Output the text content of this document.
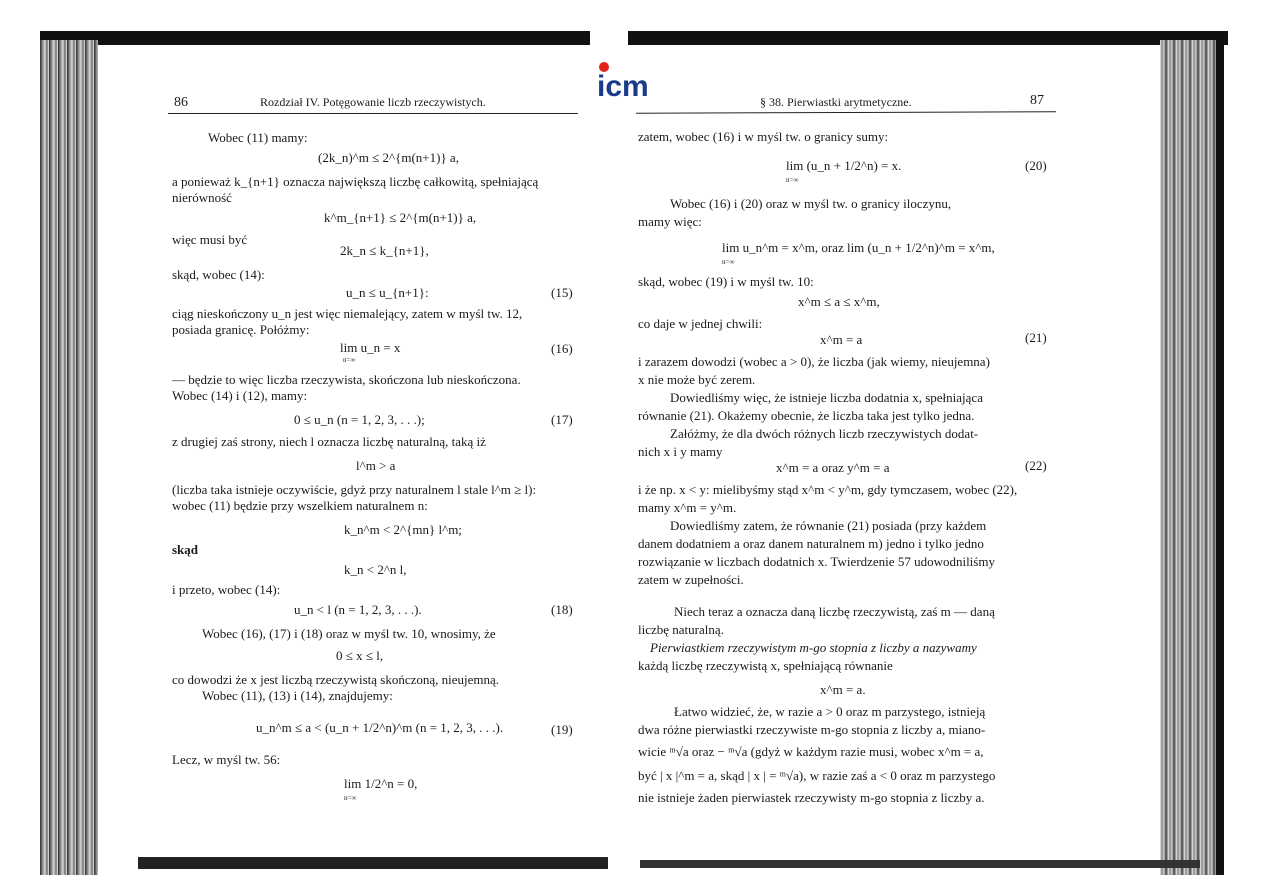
icm
86	Rozdział IV. Potęgowanie liczb rzeczywistych.
Wobec (11) mamy:
(2k_n)^m ≤ 2^{m(n+1)} a,
a ponieważ k_{n+1} oznacza największą liczbę całkowitą, spełniającą
nierówność
k^m_{n+1} ≤ 2^{m(n+1)} a,
więc musi być
2k_n ≤ k_{n+1},
skąd, wobec (14):
u_n ≤ u_{n+1}:	(15)
ciąg nieskończony u_n jest więc niemalejący, zatem w myśl tw. 12,
posiada granicę. Połóżmy:
lim u_n = x
n=∞
(16)
— będzie to więc liczba rzeczywista, skończona lub nieskończona.
Wobec (14) i (12), mamy:
0 ≤ u_n (n = 1, 2, 3, . . .);	(17)
z drugiej zaś strony, niech l oznacza liczbę naturalną, taką iż
l^m > a
(liczba taka istnieje oczywiście, gdyż przy naturalnem l stale l^m ≥ l):
wobec (11) będzie przy wszelkiem naturalnem n:
k_n^m < 2^{mn} l^m;
skąd
k_n < 2^n l,
i przeto, wobec (14):
u_n < l (n = 1, 2, 3, . . .).	(18)
Wobec (16), (17) i (18) oraz w myśl tw. 10, wnosimy, że
0 ≤ x ≤ l,
co dowodzi że x jest liczbą rzeczywistą skończoną, nieujemną.
Wobec (11), (13) i (14), znajdujemy:
u_n^m ≤ a < (u_n + 1/2^n)^m (n = 1, 2, 3, . . .).	(19)
Lecz, w myśl tw. 56:
lim 1/2^n = 0,
n=∞
§ 38. Pierwiastki arytmetyczne.	87
zatem, wobec (16) i w myśl tw. o granicy sumy:
lim (u_n + 1/2^n) = x.
n=∞
(20)
Wobec (16) i (20) oraz w myśl tw. o granicy iloczynu,
mamy więc:
lim u_n^m = x^m, oraz lim (u_n + 1/2^n)^m = x^m,
n=∞
skąd, wobec (19) i w myśl tw. 10:
x^m ≤ a ≤ x^m,
co daje w jednej chwili:
x^m = a	(21)
i zarazem dowodzi (wobec a > 0), że liczba (jak wiemy, nieujemna)
x nie może być zerem.
Dowiedliśmy więc, że istnieje liczba dodatnia x, spełniająca
równanie (21). Okażemy obecnie, że liczba taka jest tylko jedna.
Załóżmy, że dla dwóch różnych liczb rzeczywistych dodat-
nich x i y mamy
x^m = a oraz y^m = a	(22)
i że np. x < y: mielibyśmy stąd x^m < y^m, gdy tymczasem, wobec (22),
mamy x^m = y^m.
Dowiedliśmy zatem, że równanie (21) posiada (przy każdem
danem dodatniem a oraz danem naturalnem m) jedno i tylko jedno
rozwiązanie w liczbach dodatnich x. Twierdzenie 57 udowodniliśmy
zatem w zupełności.
Niech teraz a oznacza daną liczbę rzeczywistą, zaś m — daną
liczbę naturalną.
Pierwiastkiem rzeczywistym m-go stopnia z liczby a nazywamy
każdą liczbę rzeczywistą x, spełniającą równanie
x^m = a.
Łatwo widzieć, że, w razie a > 0 oraz m parzystego, istnieją
dwa różne pierwiastki rzeczywiste m-go stopnia z liczby a, miano-
wicie ᵐ√a oraz − ᵐ√a (gdyż w każdym razie musi, wobec x^m = a,
być | x |^m = a, skąd | x | = ᵐ√a), w razie zaś a < 0 oraz m parzystego
nie istnieje żaden pierwiastek rzeczywisty m-go stopnia z liczby a.
